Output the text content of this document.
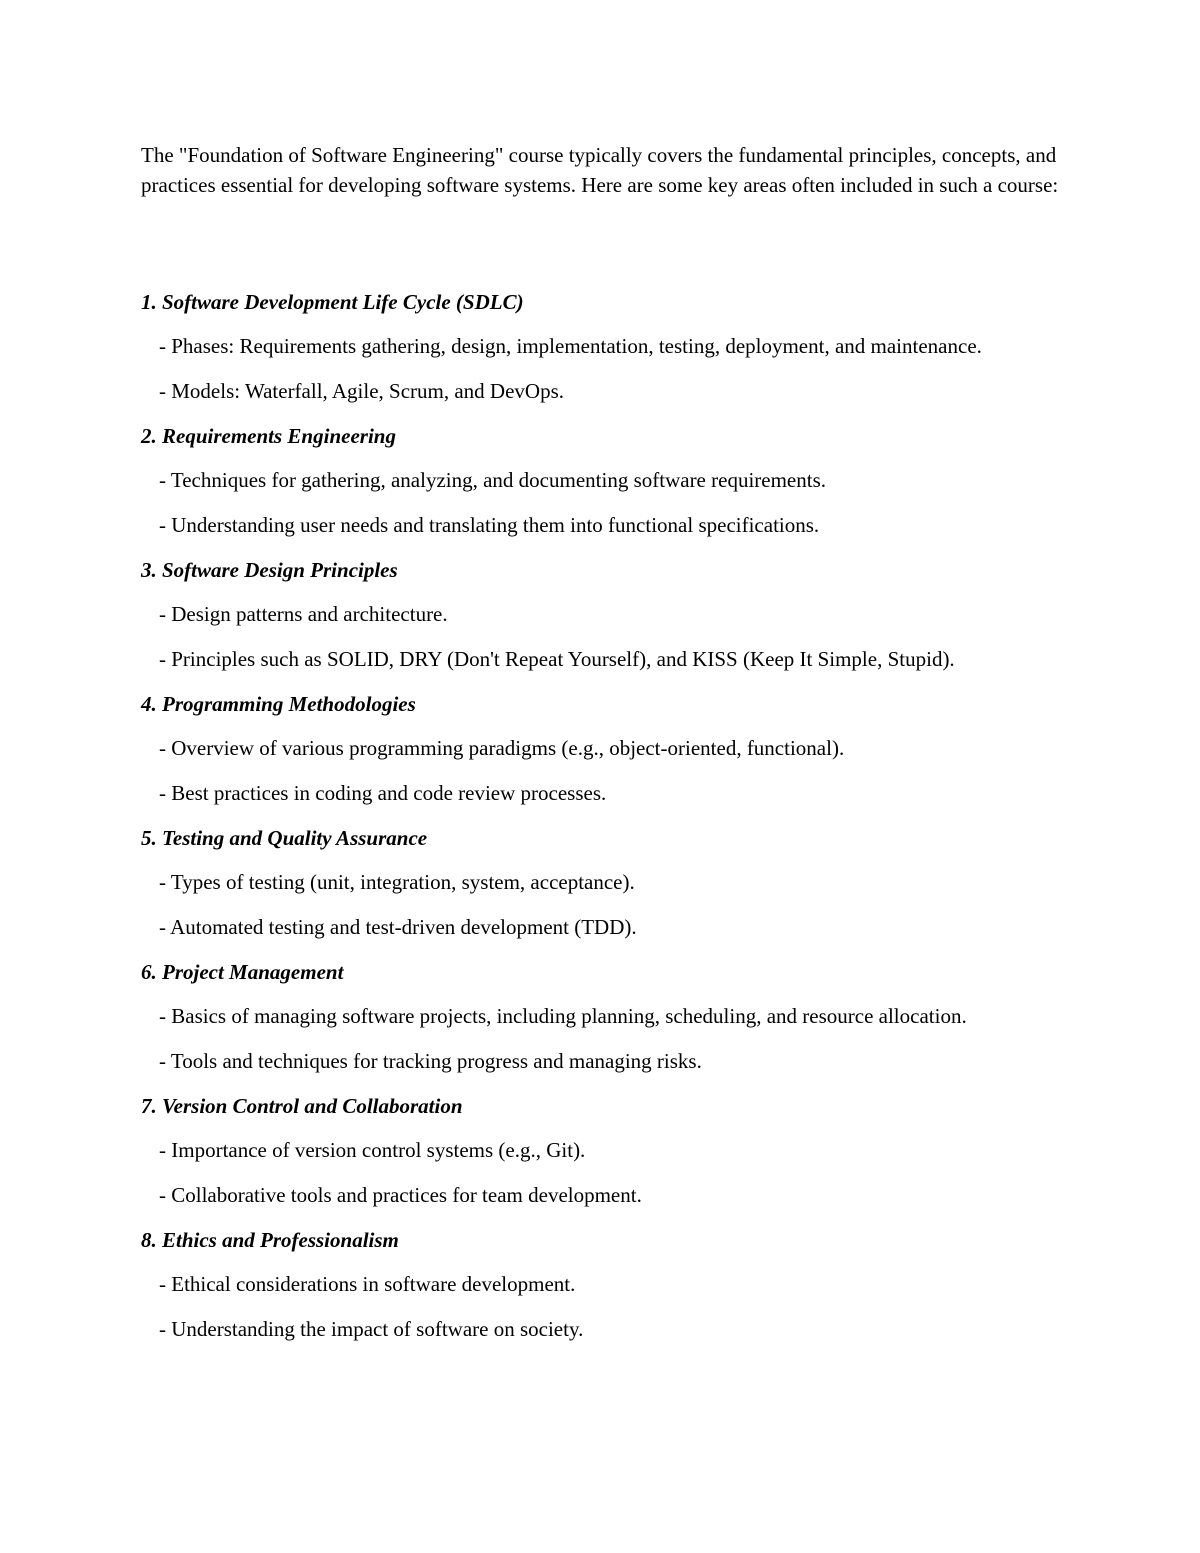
The "Foundation of Software Engineering" course typically covers the fundamental principles, concepts, and practices essential for developing software systems. Here are some key areas often included in such a course:

1. Software Development Life Cycle (SDLC)

- Phases: Requirements gathering, design, implementation, testing, deployment, and maintenance.

- Models: Waterfall, Agile, Scrum, and DevOps.

2. Requirements Engineering

- Techniques for gathering, analyzing, and documenting software requirements.

- Understanding user needs and translating them into functional specifications.

3. Software Design Principles

- Design patterns and architecture.

- Principles such as SOLID, DRY (Don't Repeat Yourself), and KISS (Keep It Simple, Stupid).

4. Programming Methodologies

- Overview of various programming paradigms (e.g., object-oriented, functional).

- Best practices in coding and code review processes.

5. Testing and Quality Assurance

- Types of testing (unit, integration, system, acceptance).

- Automated testing and test-driven development (TDD).

6. Project Management

- Basics of managing software projects, including planning, scheduling, and resource allocation.

- Tools and techniques for tracking progress and managing risks.

7. Version Control and Collaboration

- Importance of version control systems (e.g., Git).

- Collaborative tools and practices for team development.

8. Ethics and Professionalism

- Ethical considerations in software development.

- Understanding the impact of software on society.
